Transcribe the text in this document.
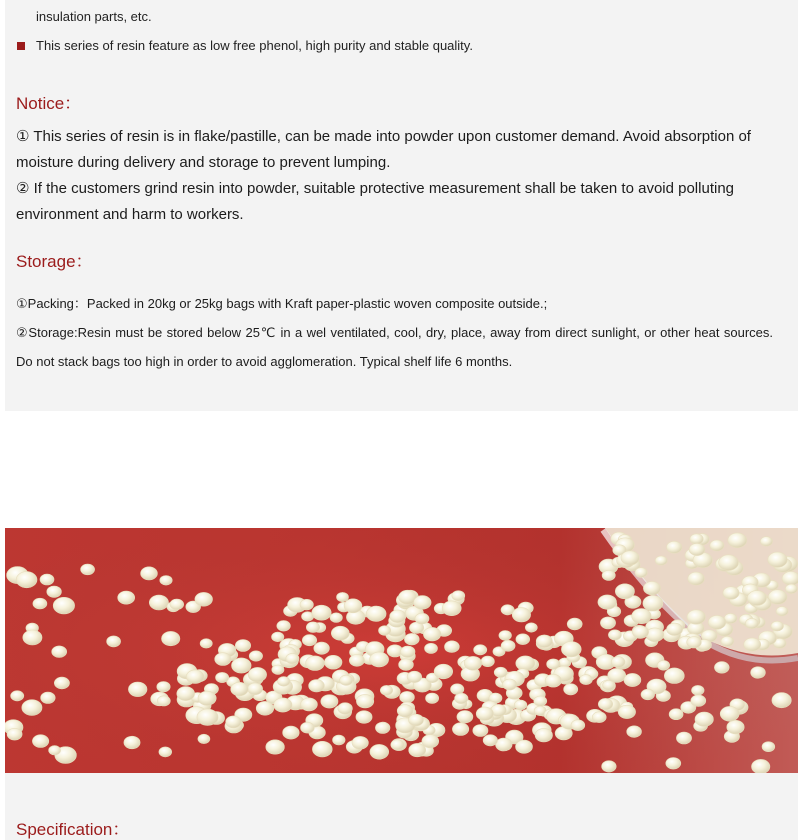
insulation parts, etc.
This series of resin feature as low free phenol, high purity and stable quality.
Notice：

① This series of resin is in flake/pastille, can be made into powder upon customer demand. Avoid absorption of moisture during delivery and storage to prevent lumping.

② If the customers grind resin into powder, suitable protective measurement shall be taken to avoid polluting environment and harm to workers.

Storage：

①Packing：Packed in 20kg or 25kg bags with Kraft paper-plastic woven composite outside.;

②Storage:Resin must be stored below 25℃ in a wel ventilated, cool, dry, place, away from direct sunlight, or other heat sources. Do not stack bags too high in order to avoid agglomeration. Typical shelf life 6 months.

Specification：
